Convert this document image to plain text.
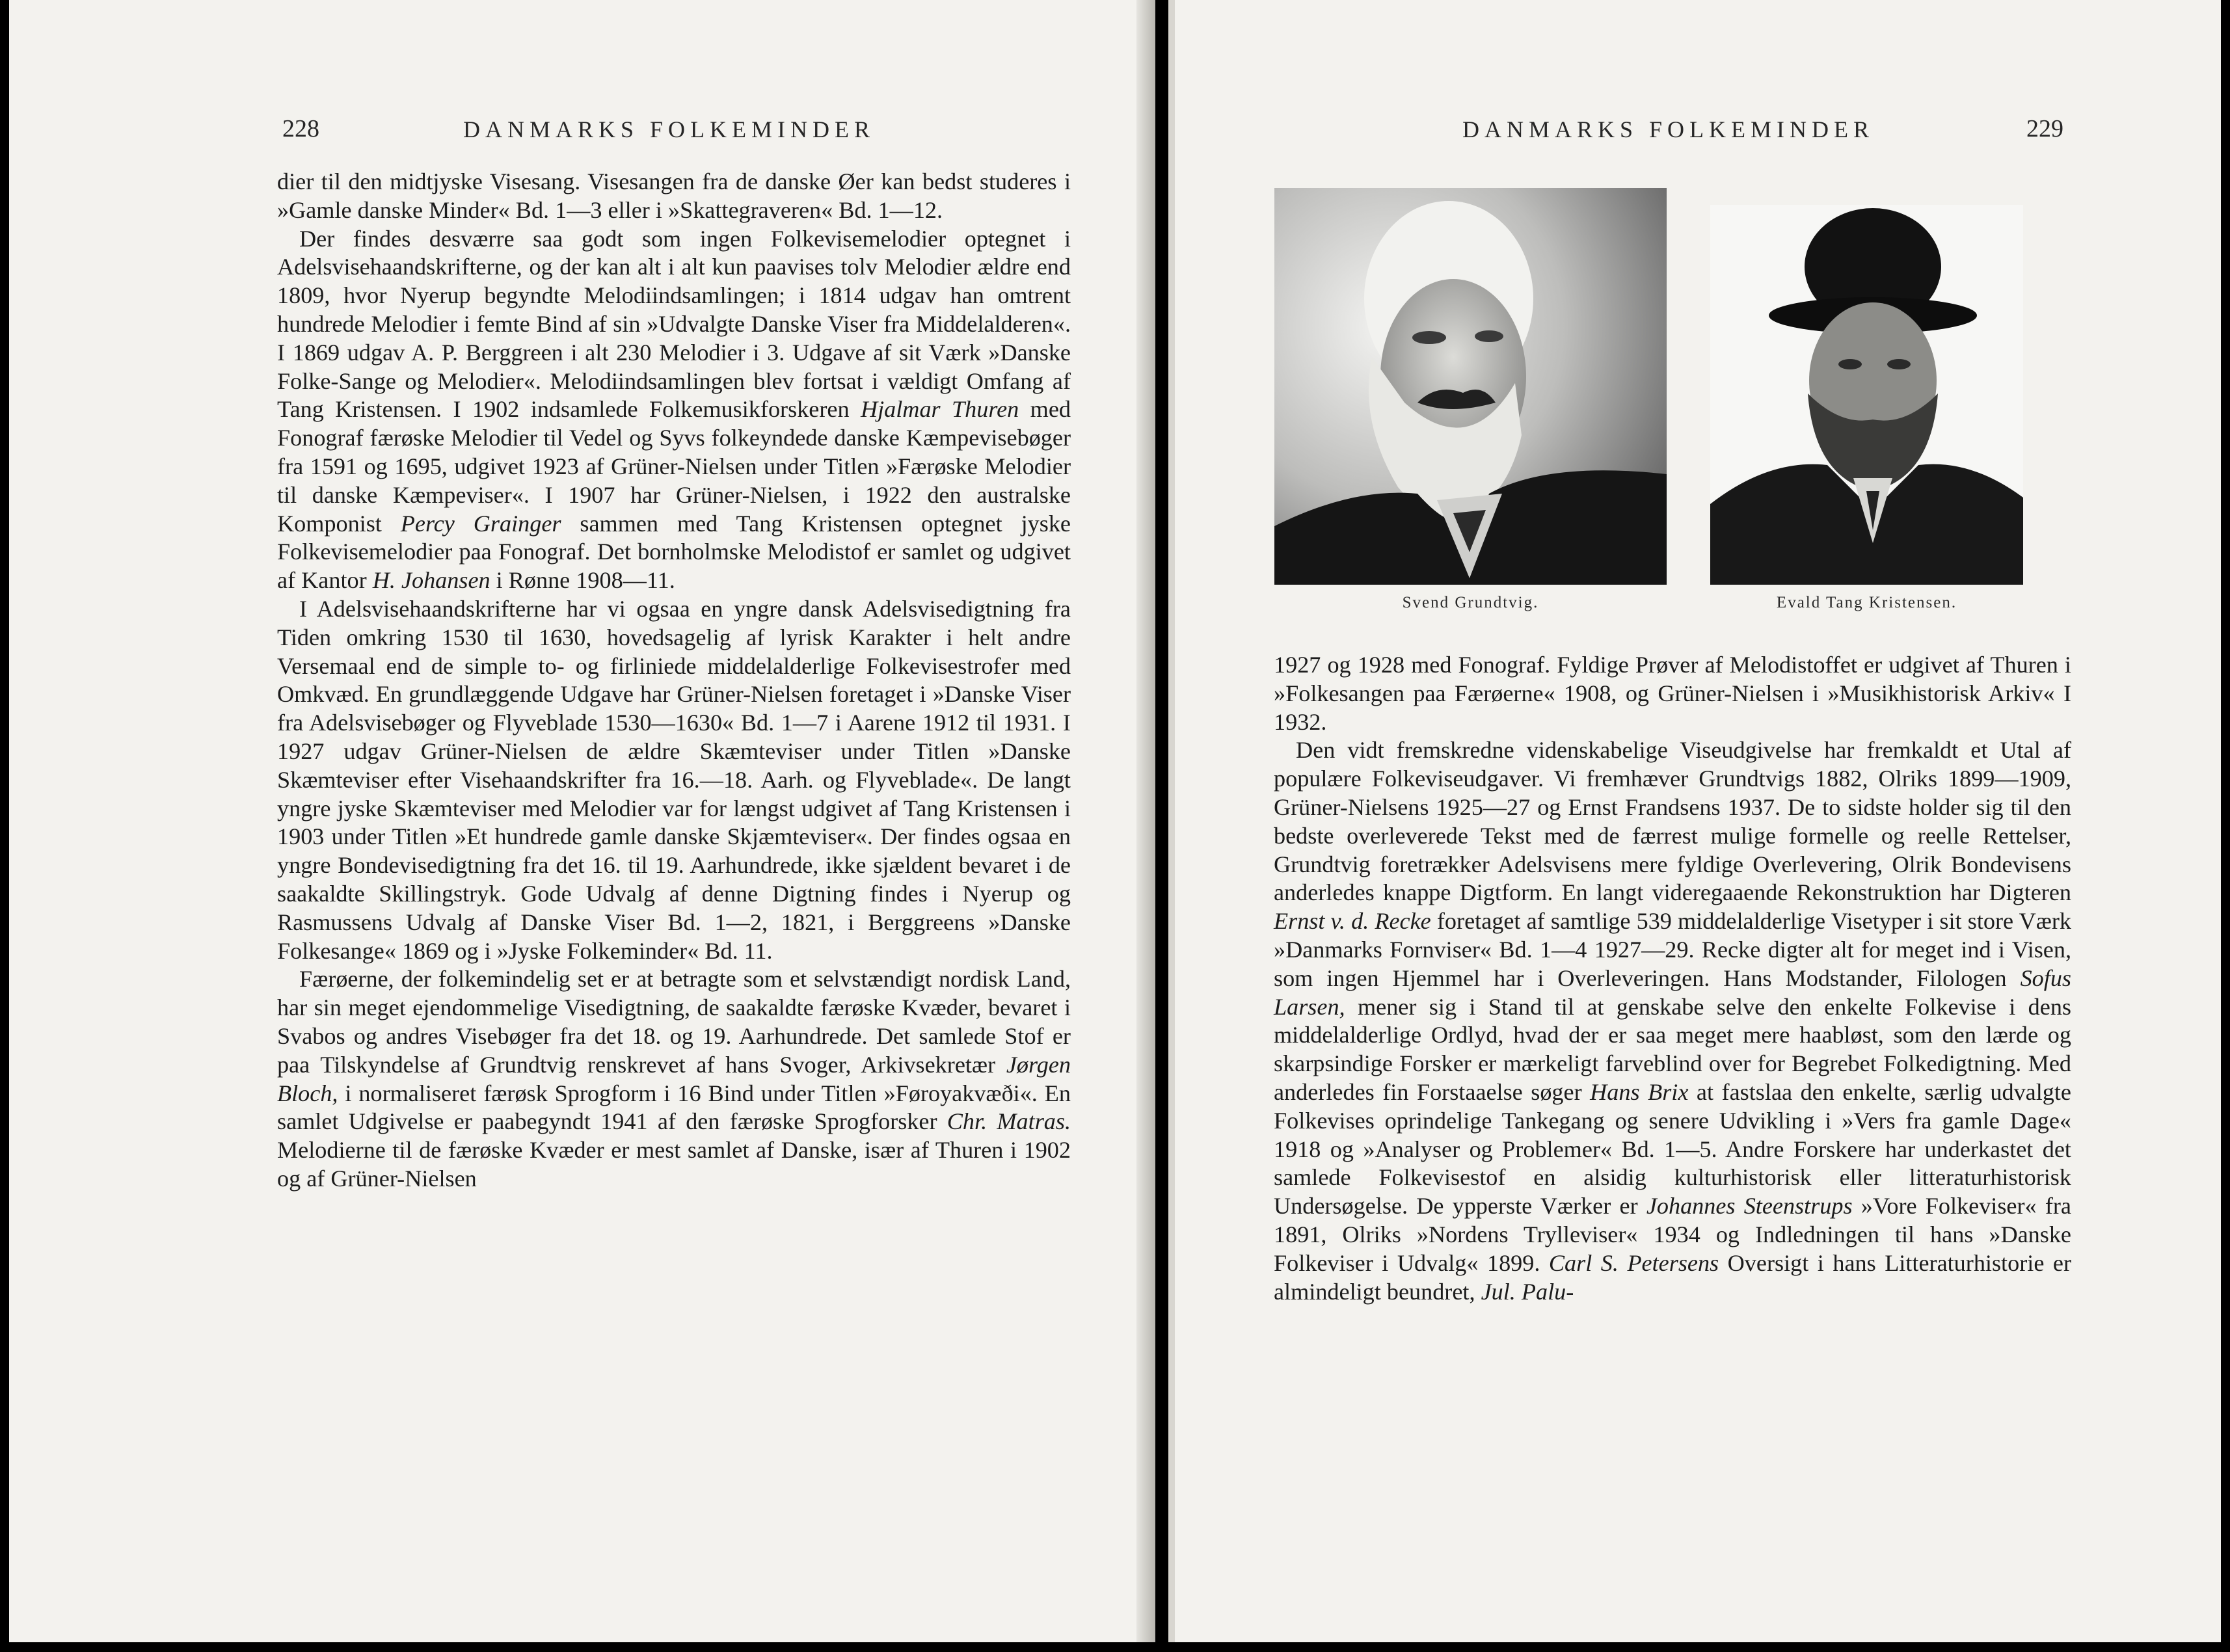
228	DANMARKS FOLKEMINDER

dier til den midtjyske Visesang. Visesangen fra de danske Øer kan bedst studeres i »Gamle danske Minder« Bd. 1—3 eller i »Skattegraveren« Bd. 1—12.

Der findes desværre saa godt som ingen Folkevisemelodier optegnet i Adelsvisehaandskrifterne, og der kan alt i alt kun paavises tolv Melodier ældre end 1809, hvor Nyerup begyndte Melodiindsamlingen; i 1814 udgav han omtrent hundrede Melodier i femte Bind af sin »Udvalgte Danske Viser fra Middelalderen«. I 1869 udgav A. P. Berggreen i alt 230 Melodier i 3. Udgave af sit Værk »Danske Folke-Sange og Melodier«. Melodiindsamlingen blev fortsat i vældigt Omfang af Tang Kristensen. I 1902 indsamlede Folkemusikforskeren Hjalmar Thuren med Fonograf færøske Melodier til Vedel og Syvs folkeyndede danske Kæmpevisebøger fra 1591 og 1695, udgivet 1923 af Grüner-Nielsen under Titlen »Færøske Melodier til danske Kæmpeviser«. I 1907 har Grüner-Nielsen, i 1922 den australske Komponist Percy Grainger sammen med Tang Kristensen optegnet jyske Folkevisemelodier paa Fonograf. Det bornholmske Melodistof er samlet og udgivet af Kantor H. Johansen i Rønne 1908—11.

I Adelsvisehaandskrifterne har vi ogsaa en yngre dansk Adelsvisedigtning fra Tiden omkring 1530 til 1630, hovedsagelig af lyrisk Karakter i helt andre Versemaal end de simple to- og firliniede middelalderlige Folkevisestrofer med Omkvæd. En grundlæggende Udgave har Grüner-Nielsen foretaget i »Danske Viser fra Adelsvisebøger og Flyveblade 1530—1630« Bd. 1—7 i Aarene 1912 til 1931. I 1927 udgav Grüner-Nielsen de ældre Skæmteviser under Titlen »Danske Skæmteviser efter Visehaandskrifter fra 16.—18. Aarh. og Flyveblade«. De langt yngre jyske Skæmteviser med Melodier var for længst udgivet af Tang Kristensen i 1903 under Titlen »Et hundrede gamle danske Skjæmteviser«. Der findes ogsaa en yngre Bondevisedigtning fra det 16. til 19. Aarhundrede, ikke sjældent bevaret i de saakaldte Skillingstryk. Gode Udvalg af denne Digtning findes i Nyerup og Rasmussens Udvalg af Danske Viser Bd. 1—2, 1821, i Berggreens »Danske Folkesange« 1869 og i »Jyske Folkeminder« Bd. 11.

Færøerne, der folkemindelig set er at betragte som et selvstændigt nordisk Land, har sin meget ejendommelige Visedigtning, de saakaldte færøske Kvæder, bevaret i Svabos og andres Visebøger fra det 18. og 19. Aarhundrede. Det samlede Stof er paa Tilskyndelse af Grundtvig renskrevet af hans Svoger, Arkivsekretær Jørgen Bloch, i normaliseret færøsk Sprogform i 16 Bind under Titlen »Føroyakvæði«. En samlet Udgivelse er paabegyndt 1941 af den færøske Sprogforsker Chr. Matras. Melodierne til de færøske Kvæder er mest samlet af Danske, især af Thuren i 1902 og af Grüner-Nielsen

DANMARKS FOLKEMINDER	229
Svend Grundtvig.	Evald Tang Kristensen.

1927 og 1928 med Fonograf. Fyldige Prøver af Melodistoffet er udgivet af Thuren i »Folkesangen paa Færøerne« 1908, og Grüner-Nielsen i »Musikhistorisk Arkiv« I 1932.

Den vidt fremskredne videnskabelige Viseudgivelse har fremkaldt et Utal af populære Folkeviseudgaver. Vi fremhæver Grundtvigs 1882, Olriks 1899—1909, Grüner-Nielsens 1925—27 og Ernst Frandsens 1937. De to sidste holder sig til den bedste overleverede Tekst med de færrest mulige formelle og reelle Rettelser, Grundtvig foretrækker Adelsvisens mere fyldige Overlevering, Olrik Bondevisens anderledes knappe Digtform. En langt videregaaende Rekonstruktion har Digteren Ernst v. d. Recke foretaget af samtlige 539 middelalderlige Visetyper i sit store Værk »Danmarks Fornviser« Bd. 1—4 1927—29. Recke digter alt for meget ind i Visen, som ingen Hjemmel har i Overleveringen. Hans Modstander, Filologen Sofus Larsen, mener sig i Stand til at genskabe selve den enkelte Folkevise i dens middelalderlige Ordlyd, hvad der er saa meget mere haabløst, som den lærde og skarpsindige Forsker er mærkeligt farveblind over for Begrebet Folkedigtning. Med anderledes fin Forstaaelse søger Hans Brix at fastslaa den enkelte, særlig udvalgte Folkevises oprindelige Tankegang og senere Udvikling i »Vers fra gamle Dage« 1918 og »Analyser og Problemer« Bd. 1—5. Andre Forskere har underkastet det samlede Folkevisestof en alsidig kulturhistorisk eller litteraturhistorisk Undersøgelse. De ypperste Værker er Johannes Steenstrups »Vore Folkeviser« fra 1891, Olriks »Nordens Trylleviser« 1934 og Indledningen til hans »Danske Folkeviser i Udvalg« 1899. Carl S. Petersens Oversigt i hans Litteraturhistorie er almindeligt beundret, Jul. Palu-
